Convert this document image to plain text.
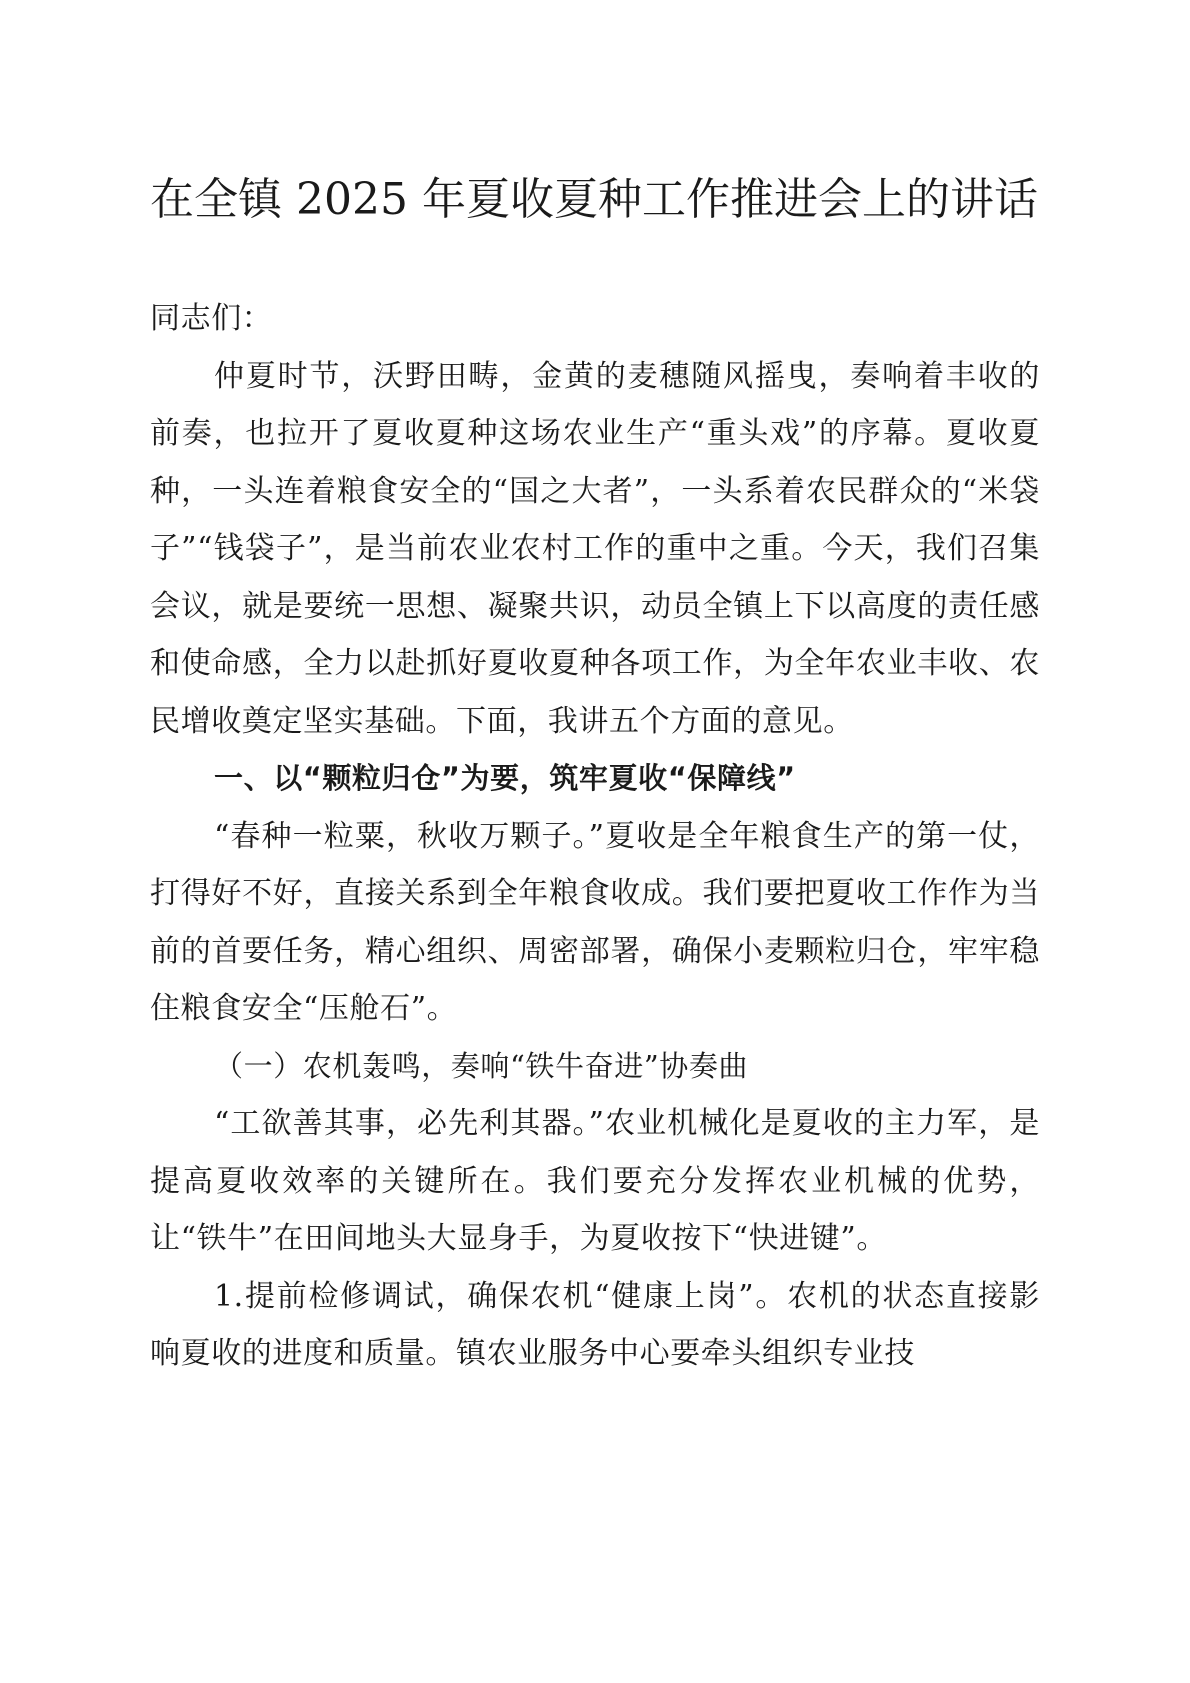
在全镇 2025 年夏收夏种工作推进会上的讲话

同志们：

仲夏时节，沃野田畴，金黄的麦穗随风摇曳，奏响着丰收的前奏，也拉开了夏收夏种这场农业生产“重头戏”的序幕。夏收夏种，一头连着粮食安全的“国之大者”，一头系着农民群众的“米袋子”“钱袋子”，是当前农业农村工作的重中之重。今天，我们召集会议，就是要统一思想、凝聚共识，动员全镇上下以高度的责任感和使命感，全力以赴抓好夏收夏种各项工作，为全年农业丰收、农民增收奠定坚实基础。下面，我讲五个方面的意见。

一、以“颗粒归仓”为要，筑牢夏收“保障线”

“春种一粒粟，秋收万颗子。”夏收是全年粮食生产的第一仗，打得好不好，直接关系到全年粮食收成。我们要把夏收工作作为当前的首要任务，精心组织、周密部署，确保小麦颗粒归仓，牢牢稳住粮食安全“压舱石”。

（一）农机轰鸣，奏响“铁牛奋进”协奏曲

“工欲善其事，必先利其器。”农业机械化是夏收的主力军，是提高夏收效率的关键所在。我们要充分发挥农业机械的优势，让“铁牛”在田间地头大显身手，为夏收按下“快进键”。

1.提前检修调试，确保农机“健康上岗”。农机的状态直接影响夏收的进度和质量。镇农业服务中心要牵头组织专业技
